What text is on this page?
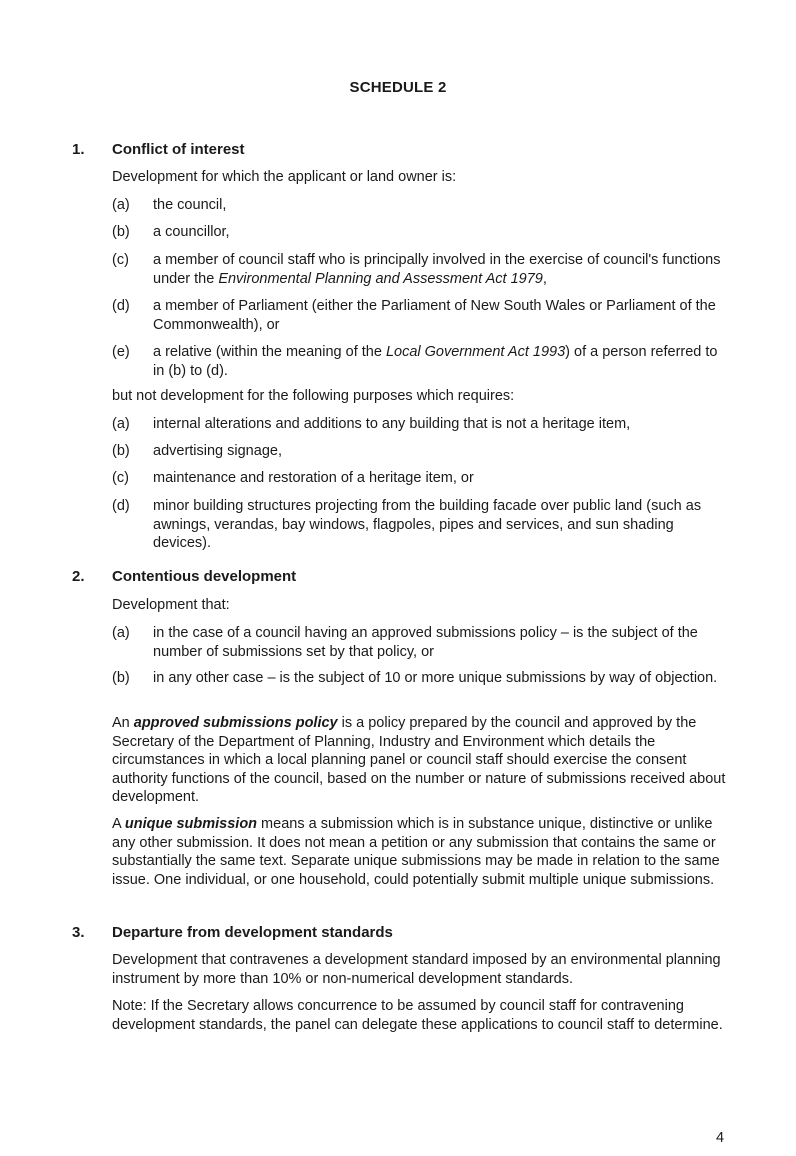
SCHEDULE 2
1. Conflict of interest

Development for which the applicant or land owner is:

(a)	the council,
(b)	a councillor,
(c)	a member of council staff who is principally involved in the exercise of council's functions under the Environmental Planning and Assessment Act 1979,
(d)	a member of Parliament (either the Parliament of New South Wales or Parliament of the Commonwealth), or
(e)	a relative (within the meaning of the Local Government Act 1993) of a person referred to in (b) to (d).

but not development for the following purposes which requires:

(a)	internal alterations and additions to any building that is not a heritage item,
(b)	advertising signage,
(c)	maintenance and restoration of a heritage item, or
(d)	minor building structures projecting from the building facade over public land (such as awnings, verandas, bay windows, flagpoles, pipes and services, and sun shading devices).
2. Contentious development

Development that:

(a)	in the case of a council having an approved submissions policy – is the subject of the number of submissions set by that policy, or
(b)	in any other case – is the subject of 10 or more unique submissions by way of objection.

An approved submissions policy is a policy prepared by the council and approved by the Secretary of the Department of Planning, Industry and Environment which details the circumstances in which a local planning panel or council staff should exercise the consent authority functions of the council, based on the number or nature of submissions received about development.

A unique submission means a submission which is in substance unique, distinctive or unlike any other submission. It does not mean a petition or any submission that contains the same or substantially the same text. Separate unique submissions may be made in relation to the same issue. One individual, or one household, could potentially submit multiple unique submissions.

3. Departure from development standards

Development that contravenes a development standard imposed by an environmental planning instrument by more than 10% or non-numerical development standards.

Note: If the Secretary allows concurrence to be assumed by council staff for contravening development standards, the panel can delegate these applications to council staff to determine.

4
